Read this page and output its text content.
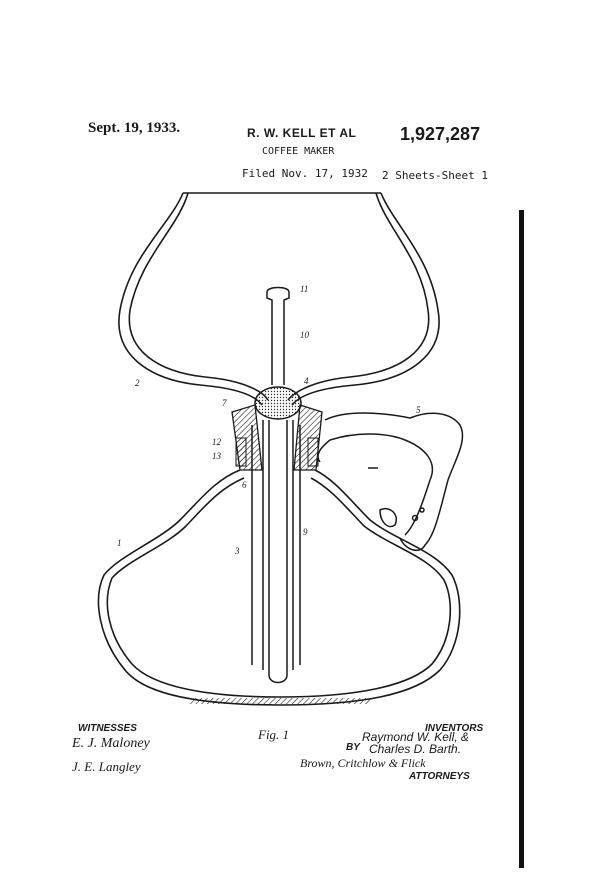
Sept. 19, 1933.	R. W. KELL ET AL 1,927,287
COFFEE MAKER
Filed Nov. 17, 1932 2 Sheets-Sheet 1
11
10
2	4
7
5
12
13
6
9
3
1
WITNESSES
E. J. Maloney
J. E. Langley
Fig. 1	INVENTORS
Raymond W. Kell, &
BY Charles D. Barth.
Brown, Critchlow & Flick
ATTORNEYS
